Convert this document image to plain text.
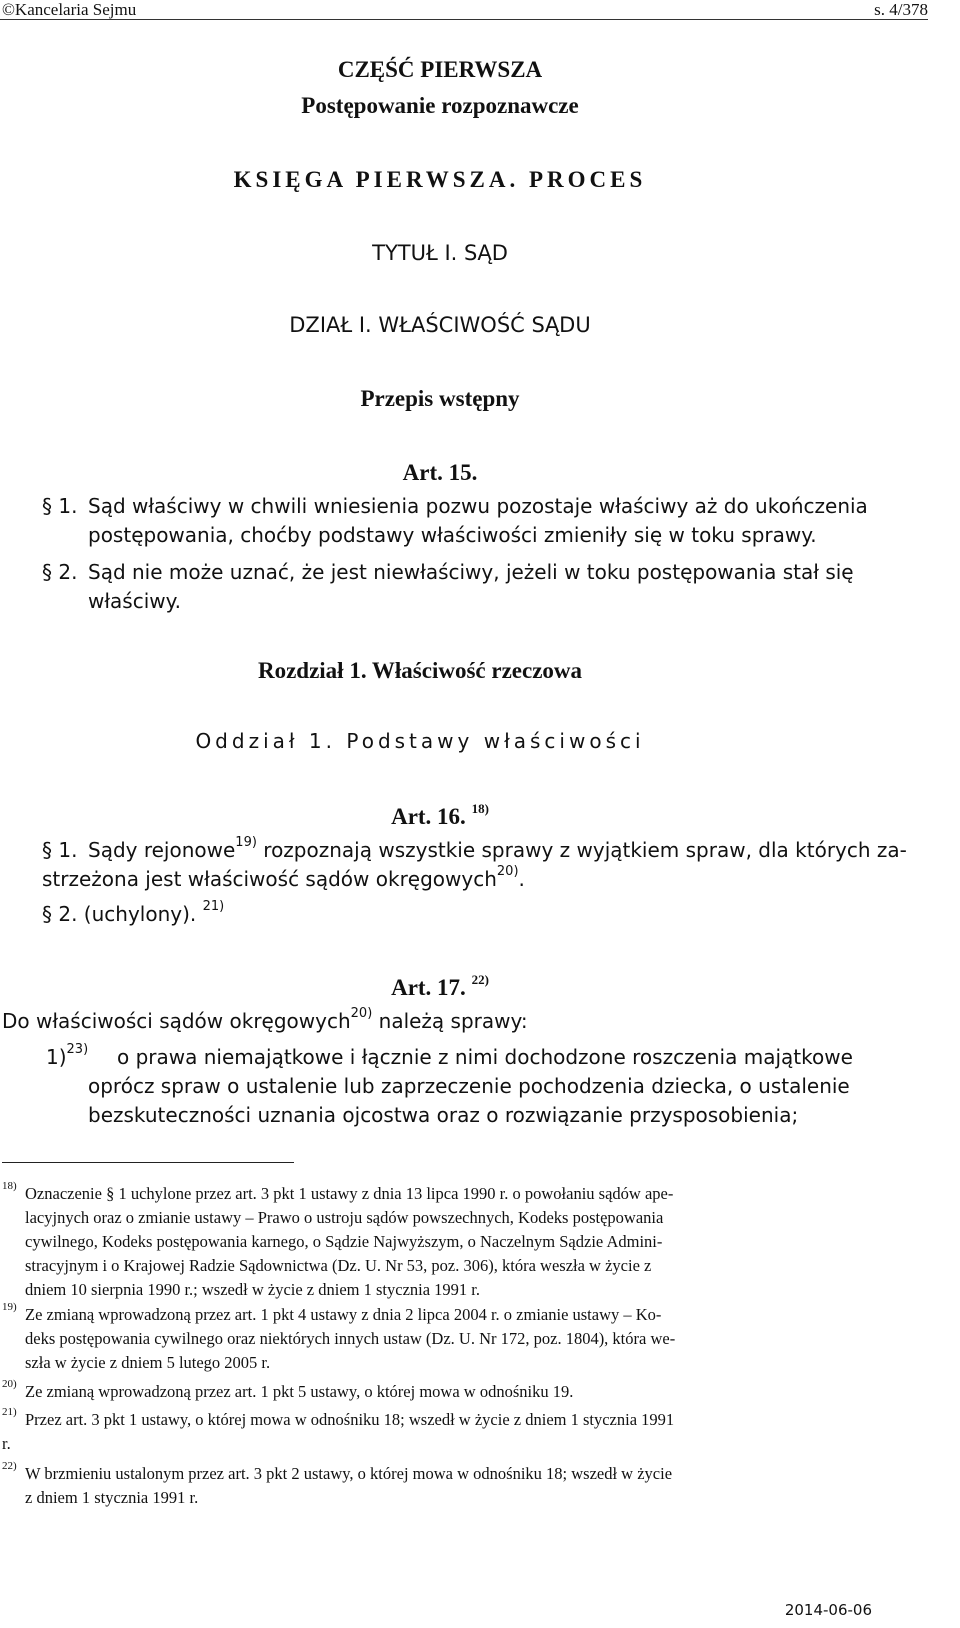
©Kancelaria Sejmu	s. 4/378
CZĘŚĆ PIERWSZA
Postępowanie rozpoznawcze
KSIĘGA PIERWSZA. PROCES
TYTUŁ I. SĄD
DZIAŁ I. WŁAŚCIWOŚĆ SĄDU
Przepis wstępny
Art. 15.
§ 1. Sąd właściwy w chwili wniesienia pozwu pozostaje właściwy aż do ukończenia
postępowania, choćby podstawy właściwości zmieniły się w toku sprawy.
§ 2. Sąd nie może uznać, że jest niewłaściwy, jeżeli w toku postępowania stał się
właściwy.
Rozdział 1. Właściwość rzeczowa
Oddział 1. Podstawy właściwości
Art. 16. $^{18)}$
§ 1. Sądy rejonowe$^{19)}$ rozpoznają wszystkie sprawy z wyjątkiem spraw, dla których za-
strzeżona jest właściwość sądów okręgowych$^{20)}$.
§ 2. (uchylony). $^{21)}$
Art. 17. $^{22)}$
Do właściwości sądów okręgowych$^{20)}$ należą sprawy:
1)$^{23)}$ o prawa niemajątkowe i łącznie z nimi dochodzone roszczenia majątkowe
oprócz spraw o ustalenie lub zaprzeczenie pochodzenia dziecka, o ustalenie
bezskuteczności uznania ojcostwa oraz o rozwiązanie przysposobienia;
18) Oznaczenie § 1 uchylone przez art. 3 pkt 1 ustawy z dnia 13 lipca 1990 r. o powołaniu sądów ape-
lacyjnych oraz o zmianie ustawy – Prawo o ustroju sądów powszechnych, Kodeks postępowania
cywilnego, Kodeks postępowania karnego, o Sądzie Najwyższym, o Naczelnym Sądzie Admini-
stracyjnym i o Krajowej Radzie Sądownictwa (Dz. U. Nr 53, poz. 306), która weszła w życie z
dniem 10 sierpnia 1990 r.; wszedł w życie z dniem 1 stycznia 1991 r.
19) Ze zmianą wprowadzoną przez art. 1 pkt 4 ustawy z dnia 2 lipca 2004 r. o zmianie ustawy – Ko-
deks postępowania cywilnego oraz niektórych innych ustaw (Dz. U. Nr 172, poz. 1804), która we-
szła w życie z dniem 5 lutego 2005 r.
20) Ze zmianą wprowadzoną przez art. 1 pkt 5 ustawy, o której mowa w odnośniku 19.
21) Przez art. 3 pkt 1 ustawy, o której mowa w odnośniku 18; wszedł w życie z dniem 1 stycznia 1991
r.
22) W brzmieniu ustalonym przez art. 3 pkt 2 ustawy, o której mowa w odnośniku 18; wszedł w życie
z dniem 1 stycznia 1991 r.
2014-06-06
